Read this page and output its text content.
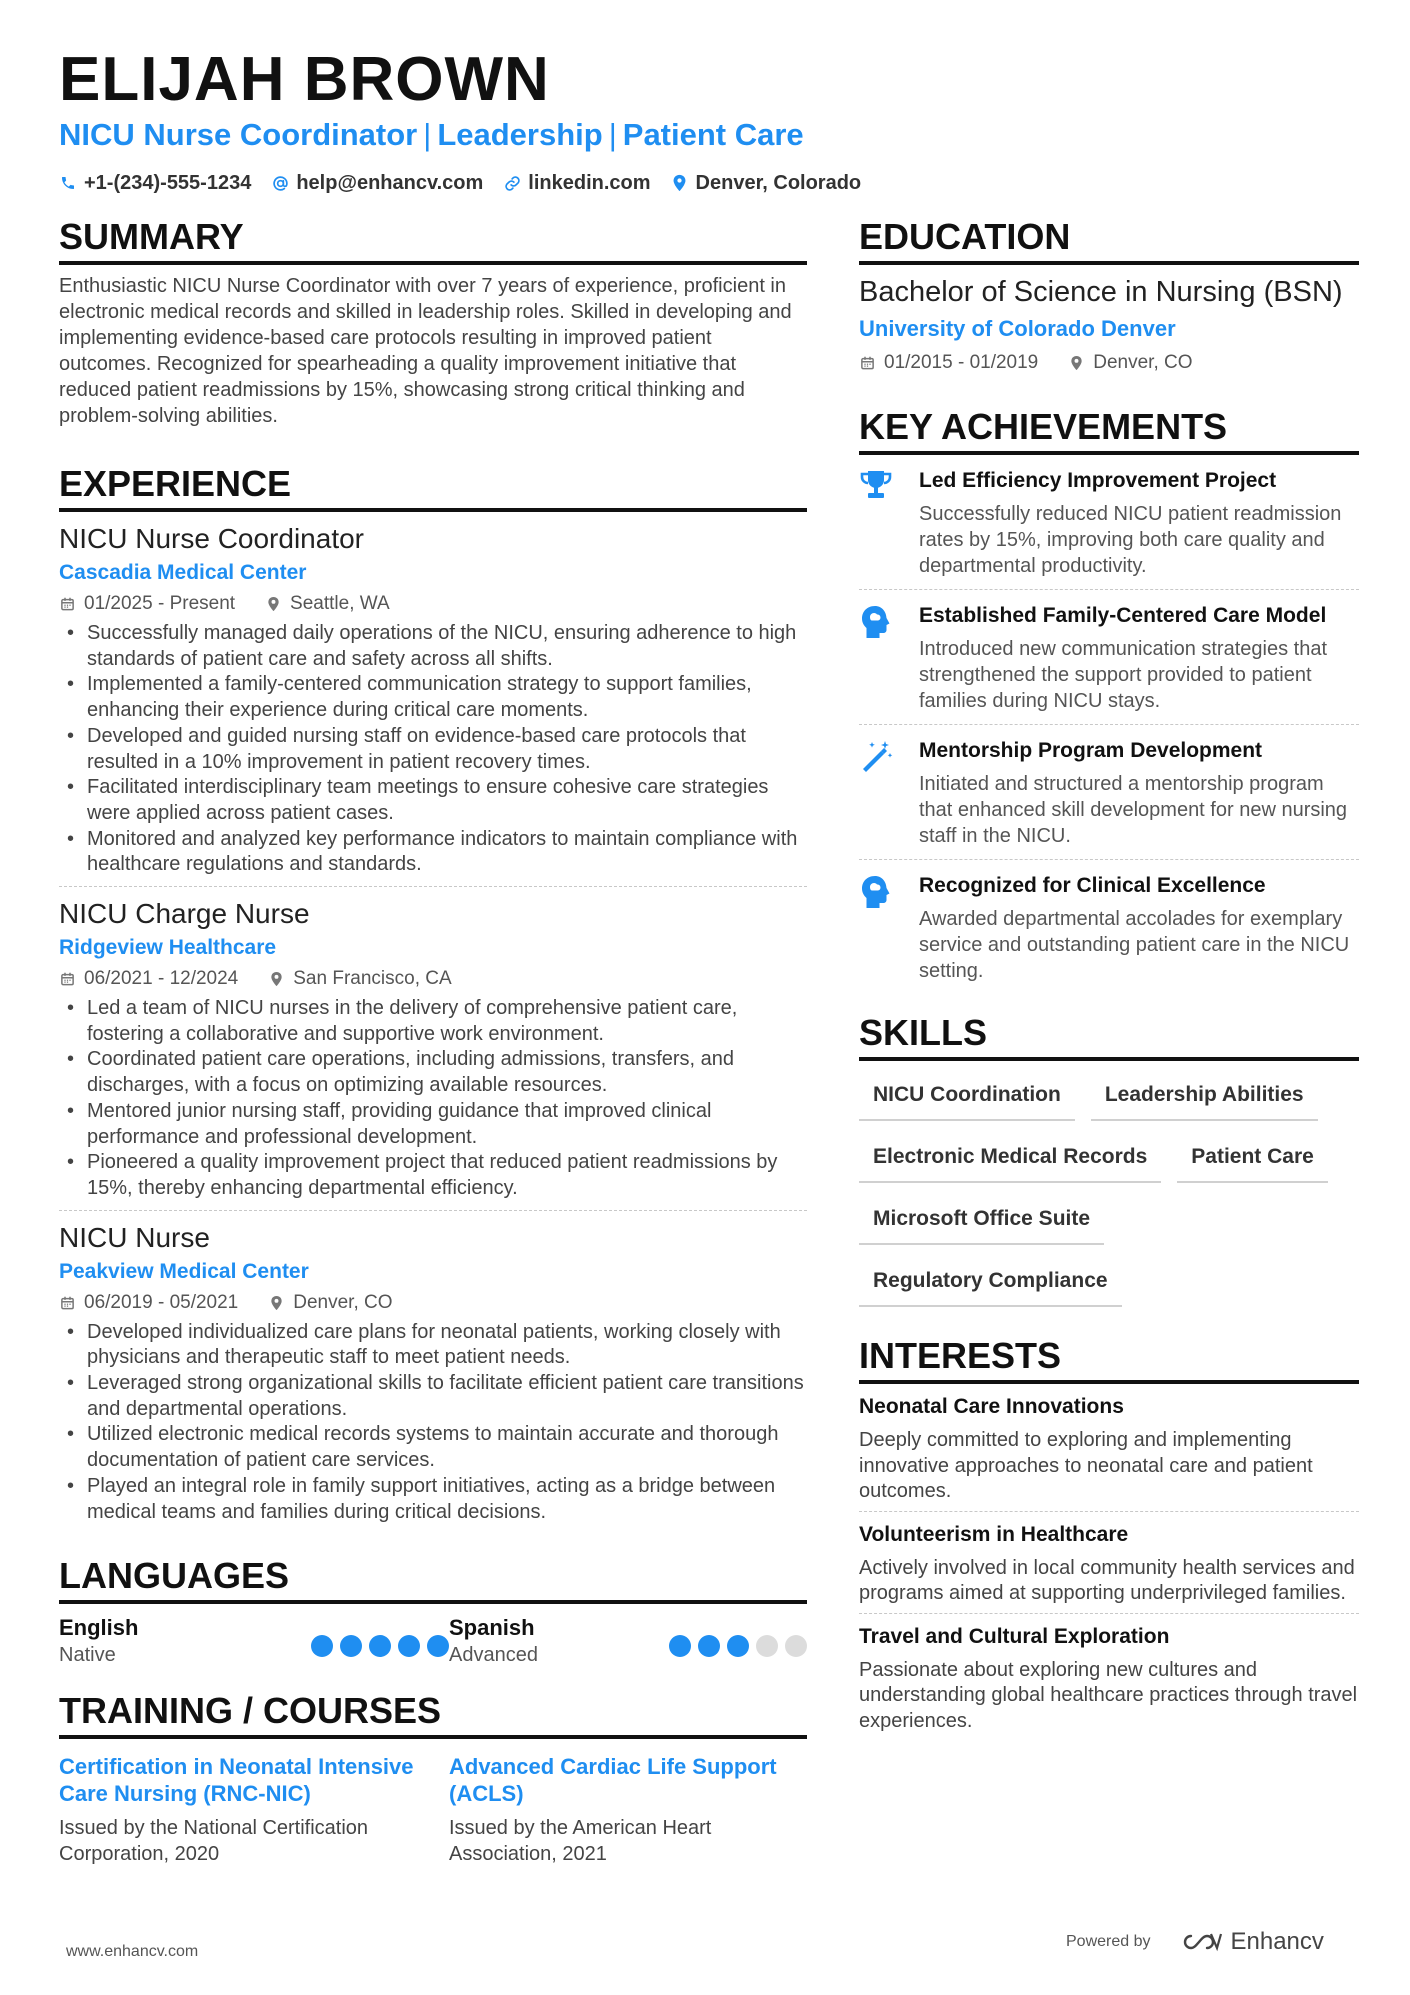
ELIJAH BROWN
NICU Nurse Coordinator | Leadership | Patient Care
+1-(234)-555-1234 help@enhancv.com linkedin.com Denver, Colorado
SUMMARY
Enthusiastic NICU Nurse Coordinator with over 7 years of experience, proficient in electronic medical records and skilled in leadership roles. Skilled in developing and implementing evidence-based care protocols resulting in improved patient outcomes. Recognized for spearheading a quality improvement initiative that reduced patient readmissions by 15%, showcasing strong critical thinking and problem-solving abilities.
EXPERIENCE
NICU Nurse Coordinator
Cascadia Medical Center
01/2025 - Present	Seattle, WA
• Successfully managed daily operations of the NICU, ensuring adherence to high standards of patient care and safety across all shifts.
• Implemented a family-centered communication strategy to support families, enhancing their experience during critical care moments.
• Developed and guided nursing staff on evidence-based care protocols that resulted in a 10% improvement in patient recovery times.
• Facilitated interdisciplinary team meetings to ensure cohesive care strategies were applied across patient cases.
• Monitored and analyzed key performance indicators to maintain compliance with healthcare regulations and standards.
NICU Charge Nurse
Ridgeview Healthcare
06/2021 - 12/2024	San Francisco, CA
• Led a team of NICU nurses in the delivery of comprehensive patient care, fostering a collaborative and supportive work environment.
• Coordinated patient care operations, including admissions, transfers, and discharges, with a focus on optimizing available resources.
• Mentored junior nursing staff, providing guidance that improved clinical performance and professional development.
• Pioneered a quality improvement project that reduced patient readmissions by 15%, thereby enhancing departmental efficiency.
NICU Nurse
Peakview Medical Center
06/2019 - 05/2021	Denver, CO
• Developed individualized care plans for neonatal patients, working closely with physicians and therapeutic staff to meet patient needs.
• Leveraged strong organizational skills to facilitate efficient patient care transitions and departmental operations.
• Utilized electronic medical records systems to maintain accurate and thorough documentation of patient care services.
• Played an integral role in family support initiatives, acting as a bridge between medical teams and families during critical decisions.
LANGUAGES
English
Native
Spanish
Advanced
TRAINING / COURSES
Certification in Neonatal Intensive Care Nursing (RNC-NIC)
Issued by the National Certification Corporation, 2020
Advanced Cardiac Life Support (ACLS)
Issued by the American Heart Association, 2021
EDUCATION
Bachelor of Science in Nursing (BSN)
University of Colorado Denver
01/2015 - 01/2019	Denver, CO
KEY ACHIEVEMENTS
Led Efficiency Improvement Project
Successfully reduced NICU patient readmission rates by 15%, improving both care quality and departmental productivity.
Established Family-Centered Care Model
Introduced new communication strategies that strengthened the support provided to patient families during NICU stays.
Mentorship Program Development
Initiated and structured a mentorship program that enhanced skill development for new nursing staff in the NICU.
Recognized for Clinical Excellence
Awarded departmental accolades for exemplary service and outstanding patient care in the NICU setting.
SKILLS
NICU Coordination	Leadership Abilities
Electronic Medical Records	Patient Care
Microsoft Office Suite
Regulatory Compliance
INTERESTS
Neonatal Care Innovations
Deeply committed to exploring and implementing innovative approaches to neonatal care and patient outcomes.
Volunteerism in Healthcare
Actively involved in local community health services and programs aimed at supporting underprivileged families.
Travel and Cultural Exploration
Passionate about exploring new cultures and understanding global healthcare practices through travel experiences.
www.enhancv.com
Powered by	Enhancv
